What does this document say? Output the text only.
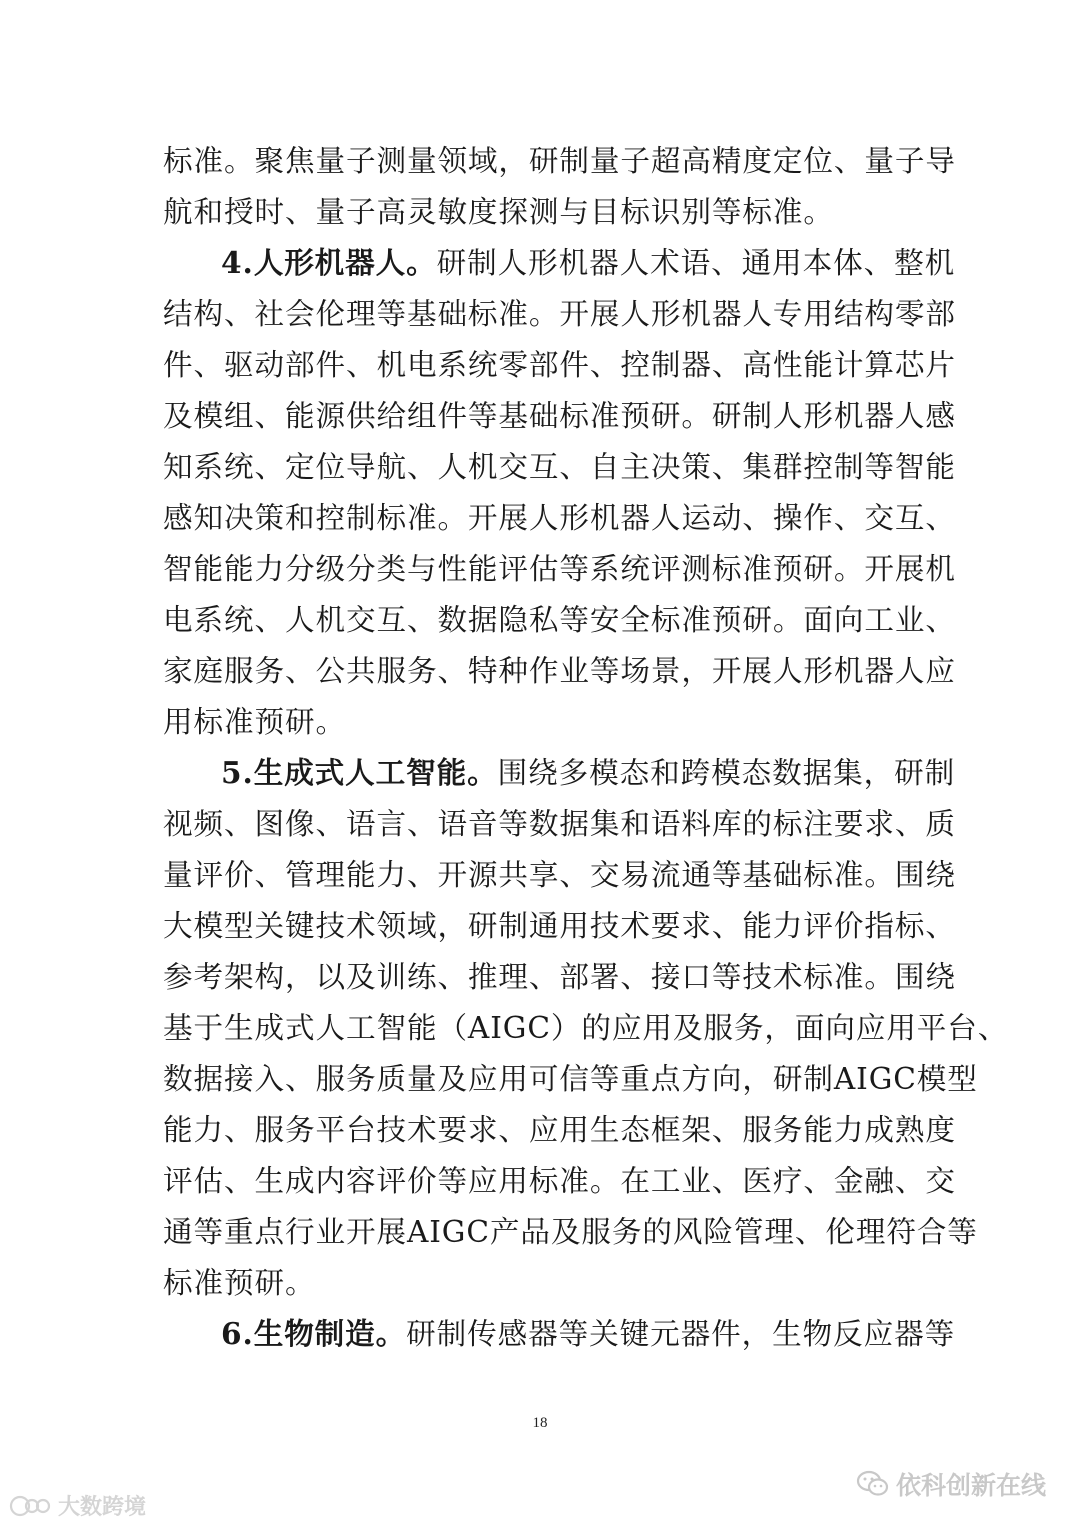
标准。聚焦量子测量领域，研制量子超高精度定位、量子导
航和授时、量子高灵敏度探测与目标识别等标准。
4.人形机器人。研制人形机器人术语、通用本体、整机
结构、社会伦理等基础标准。开展人形机器人专用结构零部
件、驱动部件、机电系统零部件、控制器、高性能计算芯片
及模组、能源供给组件等基础标准预研。研制人形机器人感
知系统、定位导航、人机交互、自主决策、集群控制等智能
感知决策和控制标准。开展人形机器人运动、操作、交互、
智能能力分级分类与性能评估等系统评测标准预研。开展机
电系统、人机交互、数据隐私等安全标准预研。面向工业、
家庭服务、公共服务、特种作业等场景，开展人形机器人应
用标准预研。
5.生成式人工智能。围绕多模态和跨模态数据集，研制
视频、图像、语言、语音等数据集和语料库的标注要求、质
量评价、管理能力、开源共享、交易流通等基础标准。围绕
大模型关键技术领域，研制通用技术要求、能力评价指标、
参考架构，以及训练、推理、部署、接口等技术标准。围绕
基于生成式人工智能（AIGC）的应用及服务，面向应用平台、
数据接入、服务质量及应用可信等重点方向，研制AIGC模型
能力、服务平台技术要求、应用生态框架、服务能力成熟度
评估、生成内容评价等应用标准。在工业、医疗、金融、交
通等重点行业开展AIGC产品及服务的风险管理、伦理符合等
标准预研。
6.生物制造。研制传感器等关键元器件，生物反应器等
18
依科创新在线
大数跨境
